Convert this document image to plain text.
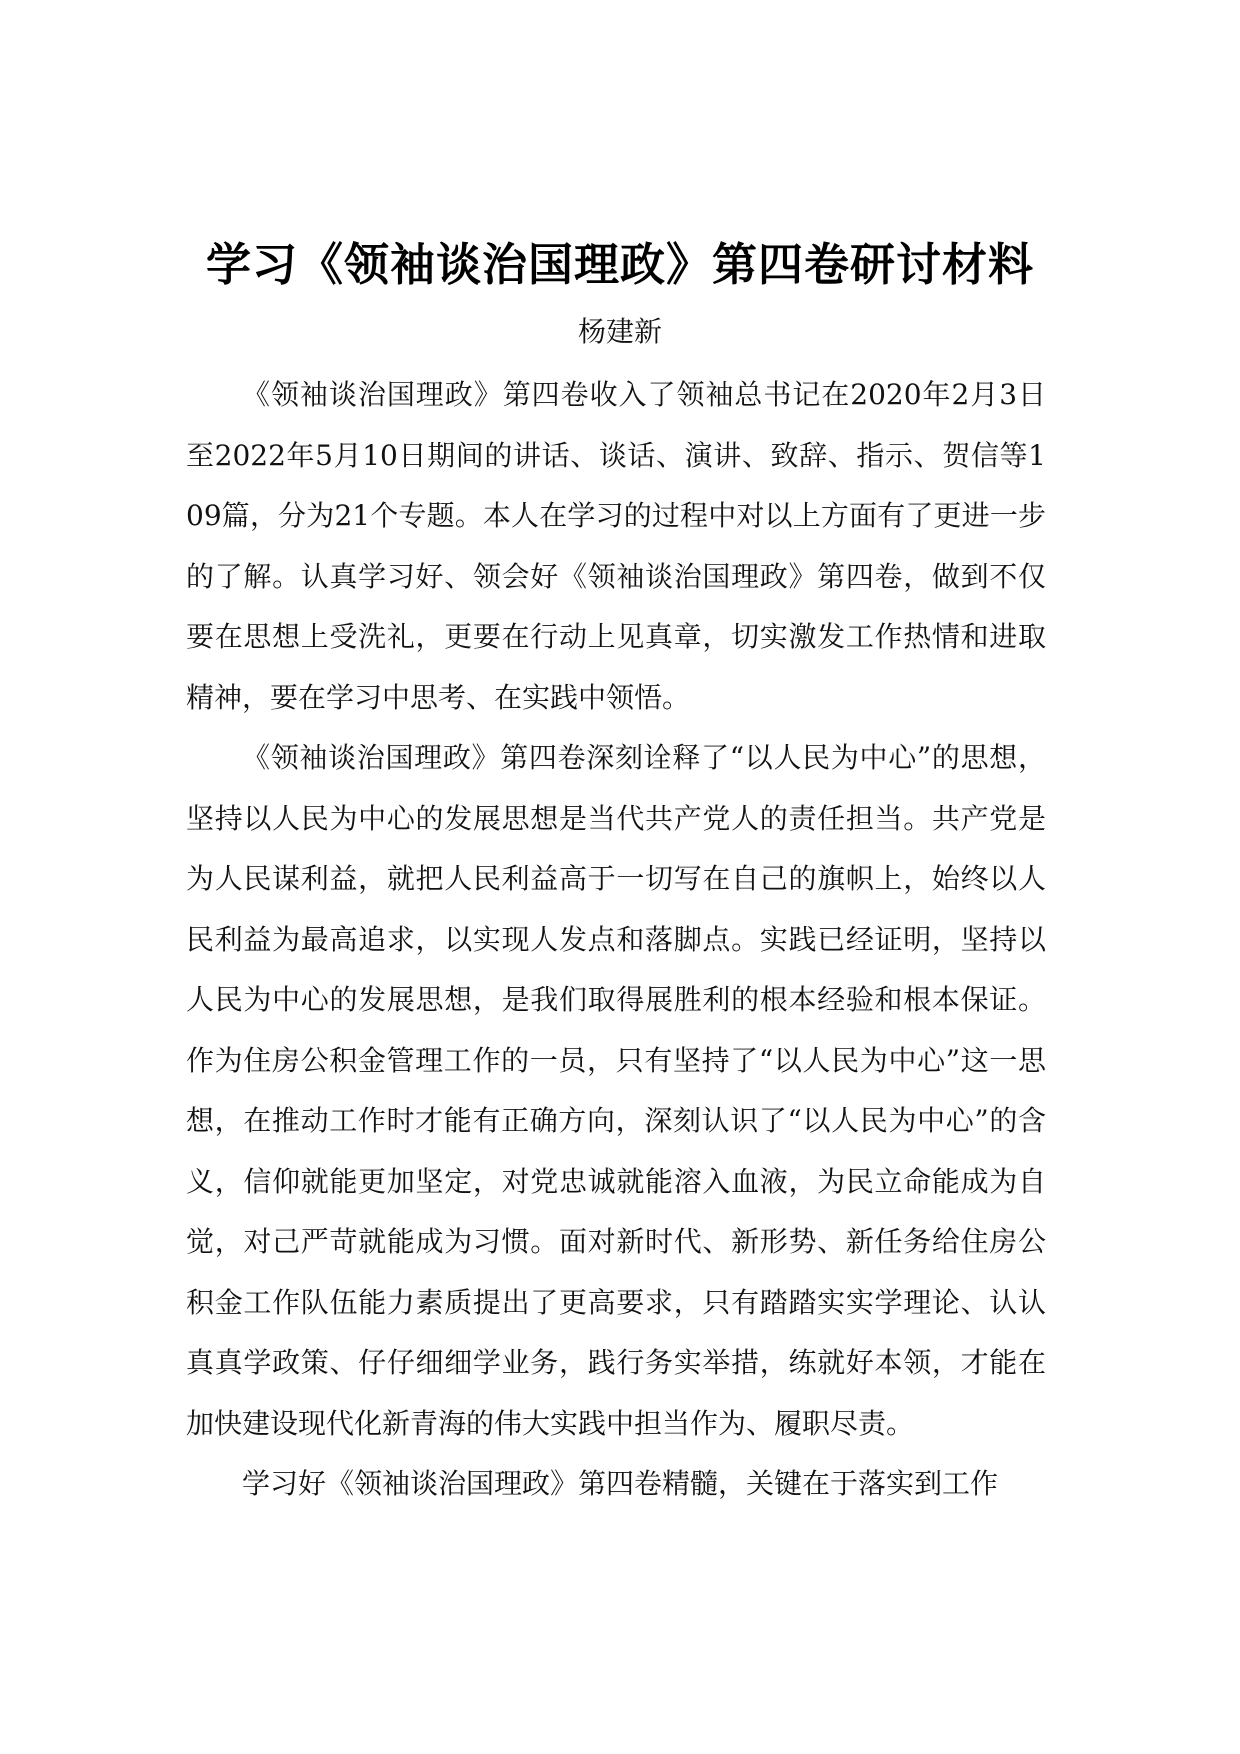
学习《领袖谈治国理政》第四卷研讨材料
杨建新

《领袖谈治国理政》第四卷收入了领袖总书记在2020年2月3日至2022年5月10日期间的讲话、谈话、演讲、致辞、指示、贺信等109篇，分为21个专题。本人在学习的过程中对以上方面有了更进一步的了解。认真学习好、领会好《领袖谈治国理政》第四卷，做到不仅要在思想上受洗礼，更要在行动上见真章，切实激发工作热情和进取精神，要在学习中思考、在实践中领悟。

《领袖谈治国理政》第四卷深刻诠释了“以人民为中心”的思想，坚持以人民为中心的发展思想是当代共产党人的责任担当。共产党是为人民谋利益，就把人民利益高于一切写在自己的旗帜上，始终以人民利益为最高追求，以实现人发点和落脚点。实践已经证明，坚持以人民为中心的发展思想，是我们取得展胜利的根本经验和根本保证。作为住房公积金管理工作的一员，只有坚持了“以人民为中心”这一思想，在推动工作时才能有正确方向，深刻认识了“以人民为中心”的含义，信仰就能更加坚定，对党忠诚就能溶入血液，为民立命能成为自觉，对己严苛就能成为习惯。面对新时代、新形势、新任务给住房公积金工作队伍能力素质提出了更高要求，只有踏踏实实学理论、认认真真学政策、仔仔细细学业务，践行务实举措，练就好本领，才能在加快建设现代化新青海的伟大实践中担当作为、履职尽责。

学习好《领袖谈治国理政》第四卷精髓，关键在于落实到工作
